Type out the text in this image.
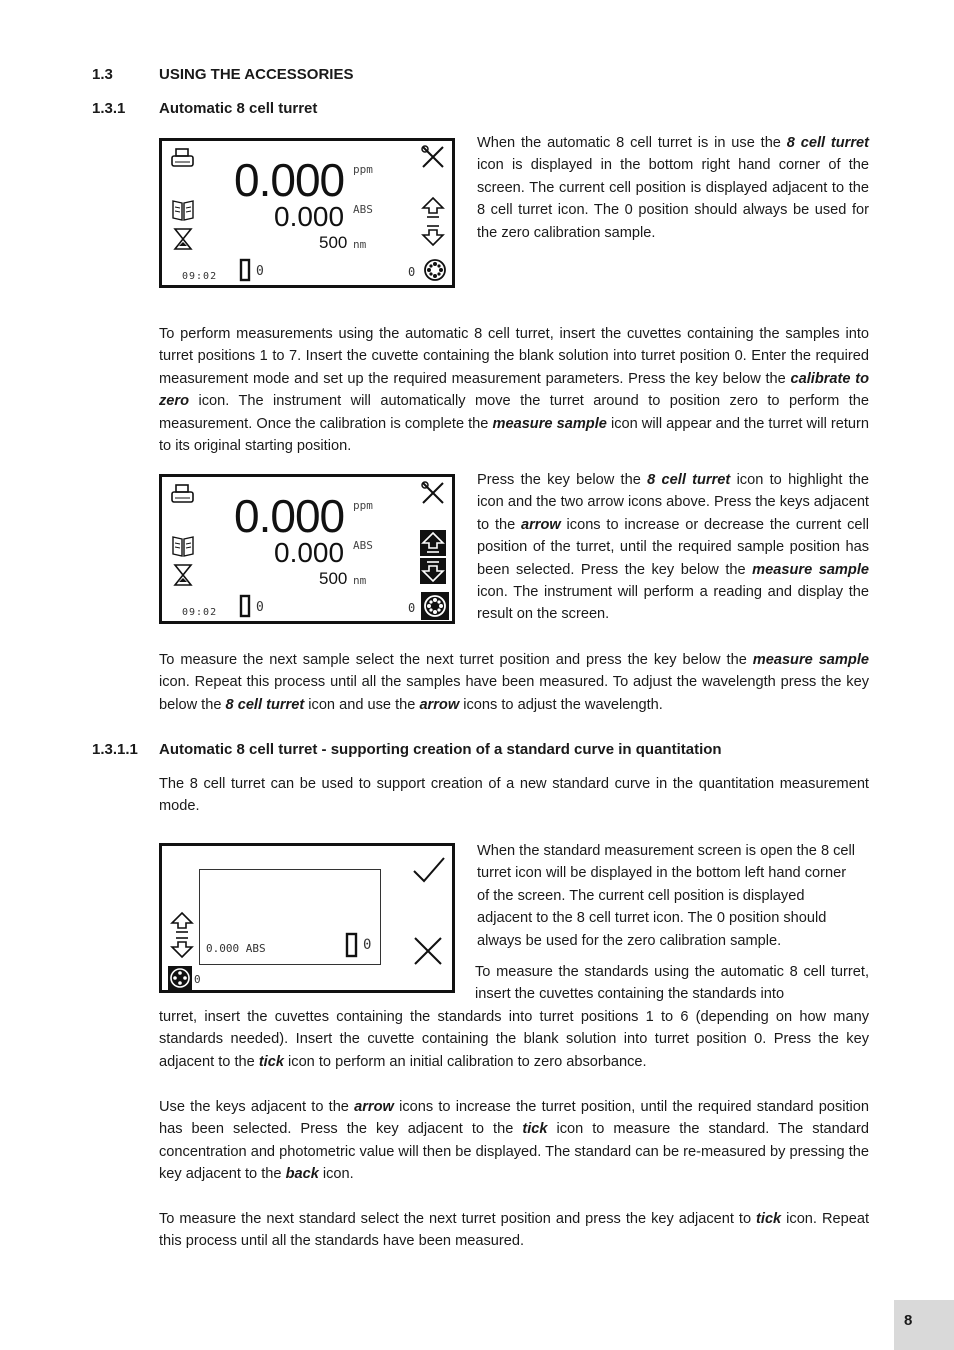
1.3	USING THE ACCESSORIES
1.3.1 Automatic 8 cell turret
0.000 ppm
0.000 ABS
500 nm
09:02	0	0
When the automatic 8 cell turret is in use the 8 cell turret icon is displayed in the bottom right hand corner of the screen. The current cell position is displayed adjacent to the 8 cell turret icon. The 0 position should always be used for the zero calibration sample.
To perform measurements using the automatic 8 cell turret, insert the cuvettes containing the samples into turret positions 1 to 7. Insert the cuvette containing the blank solution into turret position 0. Enter the required measurement mode and set up the required measurement parameters. Press the key below the calibrate to zero icon. The instrument will automatically move the turret around to position zero to perform the measurement. Once the calibration is complete the measure sample icon will appear and the turret will return to its original starting position.
0.000 ppm
0.000 ABS
500 nm
09:02	0	0
Press the key below the 8 cell turret icon to highlight the icon and the two arrow icons above. Press the keys adjacent to the arrow icons to increase or decrease the current cell position of the turret, until the required sample position has been selected. Press the key below the measure sample icon. The instrument will perform a reading and display the result on the screen.
To measure the next sample select the next turret position and press the key below the measure sample icon. Repeat this process until all the samples have been measured. To adjust the wavelength press the key below the 8 cell turret icon and use the arrow icons to adjust the wavelength.
1.3.1.1 Automatic 8 cell turret - supporting creation of a standard curve in quantitation
The 8 cell turret can be used to support creation of a new standard curve in the quantitation measurement mode.
0.000 ABS	0
0
When the standard measurement screen is open the 8 cell turret icon will be displayed in the bottom left hand corner of the screen. The current cell position is displayed adjacent to the 8 cell turret icon. The 0 position should always be used for the zero calibration sample.
To measure the standards using the automatic 8 cell turret, insert the cuvettes containing the standards into
turret, insert the cuvettes containing the standards into turret positions 1 to 6 (depending on how many standards needed). Insert the cuvette containing the blank solution into turret position 0. Press the key adjacent to the tick icon to perform an initial calibration to zero absorbance.
Use the keys adjacent to the arrow icons to increase the turret position, until the required standard position has been selected. Press the key adjacent to the tick icon to measure the standard. The standard concentration and photometric value will then be displayed. The standard can be re-measured by pressing the key adjacent to the back icon.
To measure the next standard select the next turret position and press the key adjacent to tick icon. Repeat this process until all the standards have been measured.
8
